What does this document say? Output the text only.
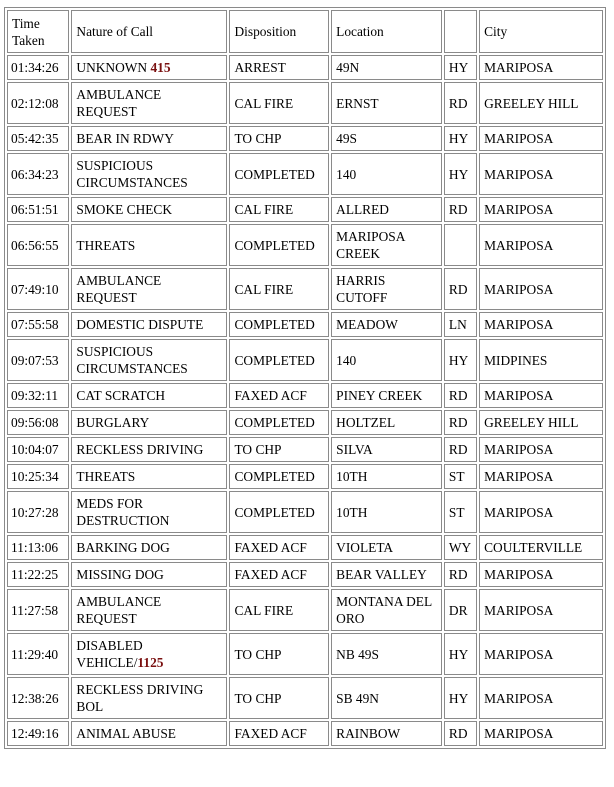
Time Taken	Nature of Call	Disposition	Location		City
01:34:26	UNKNOWN 415	ARREST	49N	HY	MARIPOSA
02:12:08	AMBULANCE REQUEST	CAL FIRE	ERNST	RD	GREELEY HILL
05:42:35	BEAR IN RDWY	TO CHP	49S	HY	MARIPOSA
06:34:23	SUSPICIOUS CIRCUMSTANCES	COMPLETED	140	HY	MARIPOSA
06:51:51	SMOKE CHECK	CAL FIRE	ALLRED	RD	MARIPOSA
06:56:55	THREATS	COMPLETED	MARIPOSA CREEK		MARIPOSA
07:49:10	AMBULANCE REQUEST	CAL FIRE	HARRIS CUTOFF	RD	MARIPOSA
07:55:58	DOMESTIC DISPUTE	COMPLETED	MEADOW	LN	MARIPOSA
09:07:53	SUSPICIOUS CIRCUMSTANCES	COMPLETED	140	HY	MIDPINES
09:32:11	CAT SCRATCH	FAXED ACF	PINEY CREEK	RD	MARIPOSA
09:56:08	BURGLARY	COMPLETED	HOLTZEL	RD	GREELEY HILL
10:04:07	RECKLESS DRIVING	TO CHP	SILVA	RD	MARIPOSA
10:25:34	THREATS	COMPLETED	10TH	ST	MARIPOSA
10:27:28	MEDS FOR DESTRUCTION	COMPLETED	10TH	ST	MARIPOSA
11:13:06	BARKING DOG	FAXED ACF	VIOLETA	WY	COULTERVILLE
11:22:25	MISSING DOG	FAXED ACF	BEAR VALLEY	RD	MARIPOSA
11:27:58	AMBULANCE REQUEST	CAL FIRE	MONTANA DEL ORO	DR	MARIPOSA
11:29:40	DISABLED VEHICLE/1125	TO CHP	NB 49S	HY	MARIPOSA
12:38:26	RECKLESS DRIVING BOL	TO CHP	SB 49N	HY	MARIPOSA
12:49:16	ANIMAL ABUSE	FAXED ACF	RAINBOW	RD	MARIPOSA
